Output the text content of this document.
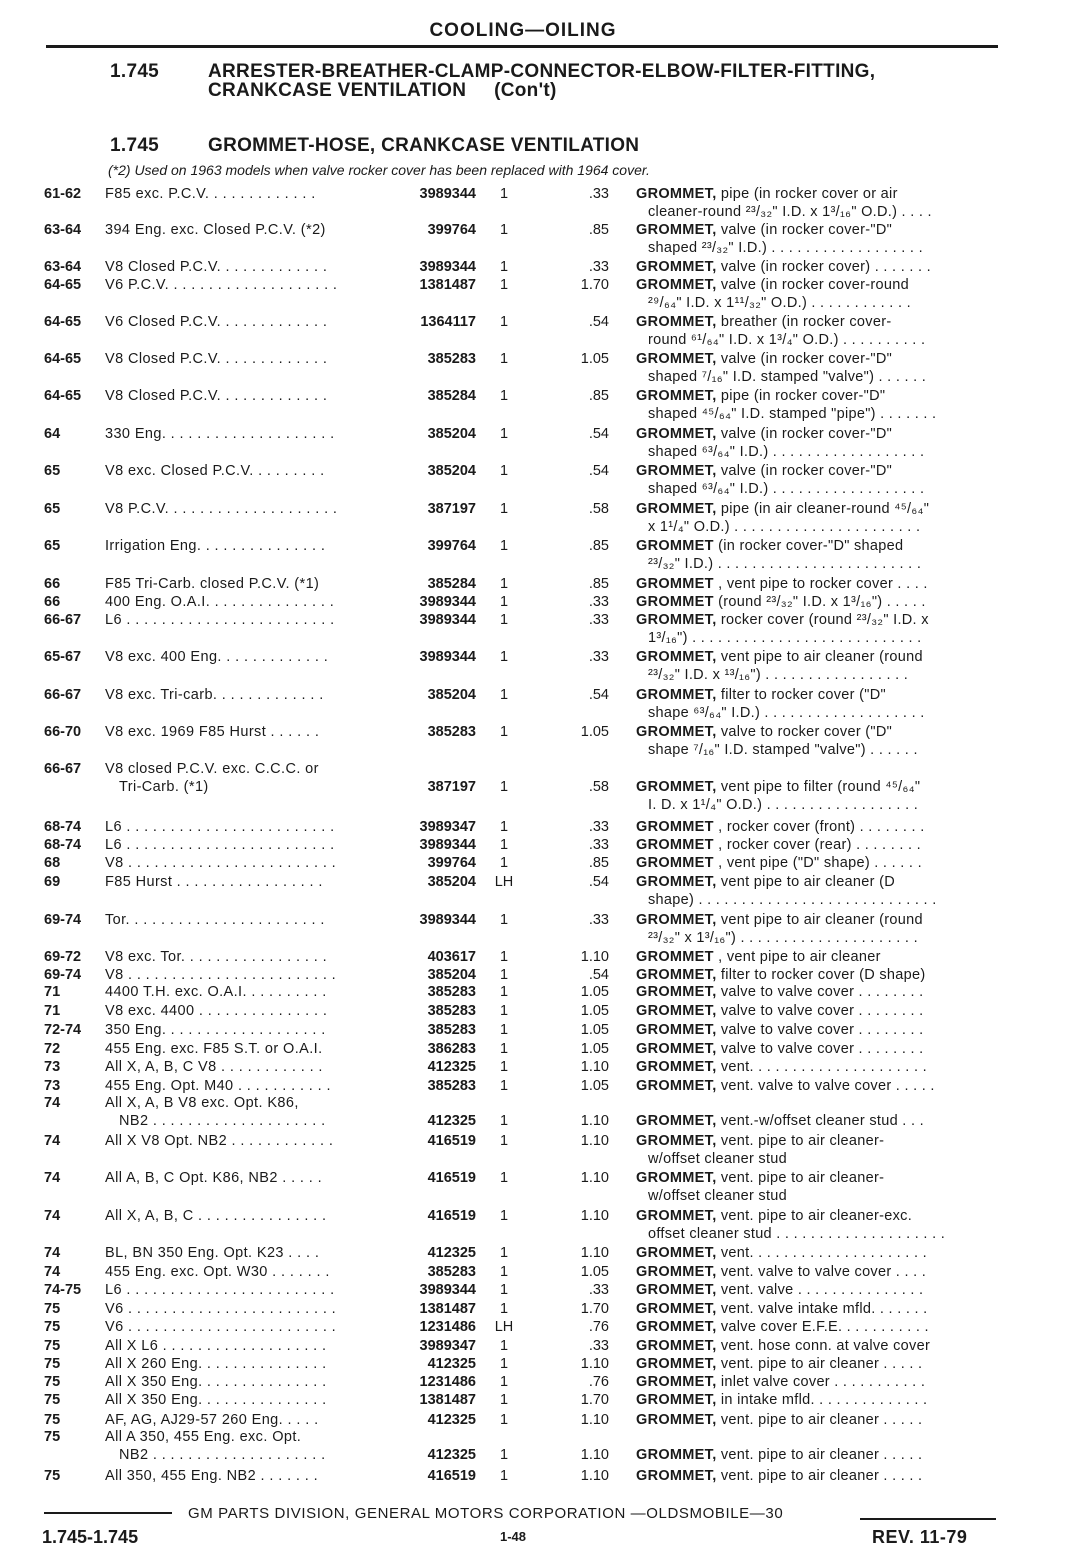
COOLING—OILING
1.745	ARRESTER-BREATHER-CLAMP-CONNECTOR-ELBOW-FILTER-FITTING,
CRANKCASE VENTILATION     (Con't)
1.745	GROMMET-HOSE, CRANKCASE VENTILATION
(*2) Used on 1963 models when valve rocker cover has been replaced with 1964 cover.
61-62	F85 exc. P.C.V. . . . . . . . . . . . .	3989344	1	.33 GROMMET, pipe (in rocker cover or air
cleaner-round ²³/₃₂" I.D. x 1³/₁₆" O.D.) . . . .
63-64	394 Eng. exc. Closed P.C.V. (*2)	399764	1	.85 GROMMET, valve (in rocker cover-"D"
shaped ²³/₃₂" I.D.) . . . . . . . . . . . . . . . . . .
63-64	V8 Closed P.C.V. . . . . . . . . . . . .	3989344	1	.33 GROMMET, valve (in rocker cover) . . . . . . .
64-65	V6 P.C.V. . . . . . . . . . . . . . . . . . . .	1381487	1	1.70 GROMMET, valve (in rocker cover-round
²⁹/₆₄" I.D. x 1¹¹/₃₂" O.D.) . . . . . . . . . . . .
64-65	V6 Closed P.C.V. . . . . . . . . . . . .	1364117	1	.54 GROMMET, breather (in rocker cover-
round ⁶¹/₆₄" I.D. x 1³/₄" O.D.) . . . . . . . . . .
64-65	V8 Closed P.C.V. . . . . . . . . . . . .	385283	1	1.05 GROMMET, valve (in rocker cover-"D"
shaped ⁷/₁₆" I.D. stamped "valve") . . . . . .
64-65	V8 Closed P.C.V. . . . . . . . . . . . .	385284	1	.85 GROMMET, pipe (in rocker cover-"D"
shaped ⁴⁵/₆₄" I.D. stamped "pipe") . . . . . . .
64	330 Eng. . . . . . . . . . . . . . . . . . . .	385204	1	.54 GROMMET, valve (in rocker cover-"D"
shaped ⁶³/₆₄" I.D.) . . . . . . . . . . . . . . . . . .
65	V8 exc. Closed P.C.V. . . . . . . . .	385204	1	.54 GROMMET, valve (in rocker cover-"D"
shaped ⁶³/₆₄" I.D.) . . . . . . . . . . . . . . . . . .
65	V8 P.C.V. . . . . . . . . . . . . . . . . . . .	387197	1	.58 GROMMET, pipe (in air cleaner-round ⁴⁵/₆₄"
x 1¹/₄" O.D.) . . . . . . . . . . . . . . . . . . . . . .
65	Irrigation Eng. . . . . . . . . . . . . . .	399764	1	.85 GROMMET (in rocker cover-"D" shaped
²³/₃₂" I.D.) . . . . . . . . . . . . . . . . . . . . . . . .
66	F85 Tri-Carb. closed P.C.V. (*1)	385284	1	.85 GROMMET , vent pipe to rocker cover . . . .
66	400 Eng. O.A.I. . . . . . . . . . . . . . .	3989344	1	.33 GROMMET (round ²³/₃₂" I.D. x 1³/₁₆") . . . . .
66-67	L6 . . . . . . . . . . . . . . . . . . . . . . . .	3989344	1	.33 GROMMET, rocker cover (round ²³/₃₂" I.D. x
1³/₁₆") . . . . . . . . . . . . . . . . . . . . . . . . . . .
65-67	V8 exc. 400 Eng. . . . . . . . . . . . .	3989344	1	.33 GROMMET, vent pipe to air cleaner (round
²³/₃₂" I.D. x ¹³/₁₆") . . . . . . . . . . . . . . . . .
66-67	V8 exc. Tri-carb. . . . . . . . . . . . .	385204	1	.54 GROMMET, filter to rocker cover ("D"
shape ⁶³/₆₄" I.D.) . . . . . . . . . . . . . . . . . . .
66-70	V8 exc. 1969 F85 Hurst . . . . . .	385283	1	1.05 GROMMET, valve to rocker cover ("D"
shape ⁷/₁₆" I.D. stamped "valve") . . . . . .
66-67	V8 closed P.C.V. exc. C.C.C. or
Tri-Carb. (*1)	387197	1	.58 GROMMET, vent pipe to filter (round ⁴⁵/₆₄"
I. D. x 1¹/₄" O.D.) . . . . . . . . . . . . . . . . . .
68-74	L6 . . . . . . . . . . . . . . . . . . . . . . . .	3989347	1	.33 GROMMET , rocker cover (front) . . . . . . . .
68-74	L6 . . . . . . . . . . . . . . . . . . . . . . . .	3989344	1	.33 GROMMET , rocker cover (rear) . . . . . . . .
68	V8 . . . . . . . . . . . . . . . . . . . . . . . .	399764	1	.85 GROMMET , vent pipe ("D" shape) . . . . . .
69	F85 Hurst . . . . . . . . . . . . . . . . .	385204	LH	.54 GROMMET, vent pipe to air cleaner (D
shape) . . . . . . . . . . . . . . . . . . . . . . . . . . . .
69-74	Tor. . . . . . . . . . . . . . . . . . . . . . .	3989344	1	.33 GROMMET, vent pipe to air cleaner (round
²³/₃₂" x 1³/₁₆") . . . . . . . . . . . . . . . . . . . . .
69-72	V8 exc. Tor. . . . . . . . . . . . . . . . .	403617	1	1.10 GROMMET , vent pipe to air cleaner
69-74	V8 . . . . . . . . . . . . . . . . . . . . . . . .	385204	1	.54 GROMMET, filter to rocker cover (D shape)
71	4400 T.H. exc. O.A.I. . . . . . . . . .	385283	1	1.05 GROMMET, valve to valve cover . . . . . . . .
71	V8 exc. 4400 . . . . . . . . . . . . . . .	385283	1	1.05 GROMMET, valve to valve cover . . . . . . . .
72-74	350 Eng. . . . . . . . . . . . . . . . . . .	385283	1	1.05 GROMMET, valve to valve cover . . . . . . . .
72	455 Eng. exc. F85 S.T. or O.A.I.	386283	1	1.05 GROMMET, valve to valve cover . . . . . . . .
73	All X, A, B, C V8 . . . . . . . . . . . .	412325	1	1.10 GROMMET, vent. . . . . . . . . . . . . . . . . . . . .
73	455 Eng. Opt. M40 . . . . . . . . . . .	385283	1	1.05 GROMMET, vent. valve to valve cover . . . . .
74	All X, A, B V8 exc. Opt. K86,
NB2 . . . . . . . . . . . . . . . . . . . .	412325	1	1.10 GROMMET, vent.-w/offset cleaner stud . . .
74	All X V8 Opt. NB2 . . . . . . . . . . . .	416519	1	1.10 GROMMET, vent. pipe to air cleaner-
w/offset cleaner stud
74	All A, B, C Opt. K86, NB2 . . . . .	416519	1	1.10 GROMMET, vent. pipe to air cleaner-
w/offset cleaner stud
74	All X, A, B, C . . . . . . . . . . . . . . .	416519	1	1.10 GROMMET, vent. pipe to air cleaner-exc.
offset cleaner stud . . . . . . . . . . . . . . . . . . . .
74	BL, BN 350 Eng. Opt. K23 . . . .	412325	1	1.10 GROMMET, vent. . . . . . . . . . . . . . . . . . . . .
74	455 Eng. exc. Opt. W30 . . . . . . .	385283	1	1.05 GROMMET, vent. valve to valve cover . . . .
74-75	L6 . . . . . . . . . . . . . . . . . . . . . . . .	3989344	1	.33 GROMMET, vent. valve . . . . . . . . . . . . . . .
75	V6 . . . . . . . . . . . . . . . . . . . . . . . .	1381487	1	1.70 GROMMET, vent. valve intake mfld. . . . . . .
75	V6 . . . . . . . . . . . . . . . . . . . . . . . .	1231486	LH	.76 GROMMET, valve cover E.F.E. . . . . . . . . . .
75	All X L6 . . . . . . . . . . . . . . . . . . .	3989347	1	.33 GROMMET, vent. hose conn. at valve cover
75	All X 260 Eng. . . . . . . . . . . . . . .	412325	1	1.10 GROMMET, vent. pipe to air cleaner . . . . .
75	All X 350 Eng. . . . . . . . . . . . . . .	1231486	1	.76 GROMMET, inlet valve cover . . . . . . . . . . .
75	All X 350 Eng. . . . . . . . . . . . . . .	1381487	1	1.70 GROMMET, in intake mfld. . . . . . . . . . . . . .
75	AF, AG, AJ29-57 260 Eng. . . . .	412325	1	1.10 GROMMET, vent. pipe to air cleaner . . . . .
75	All A 350, 455 Eng. exc. Opt.
NB2 . . . . . . . . . . . . . . . . . . . .	412325	1	1.10 GROMMET, vent. pipe to air cleaner . . . . .
75	All 350, 455 Eng. NB2 . . . . . . .	416519	1	1.10 GROMMET, vent. pipe to air cleaner . . . . .
GM PARTS DIVISION, GENERAL MOTORS CORPORATION —OLDSMOBILE—30
1.745-1.745	1-48	REV. 11-79
